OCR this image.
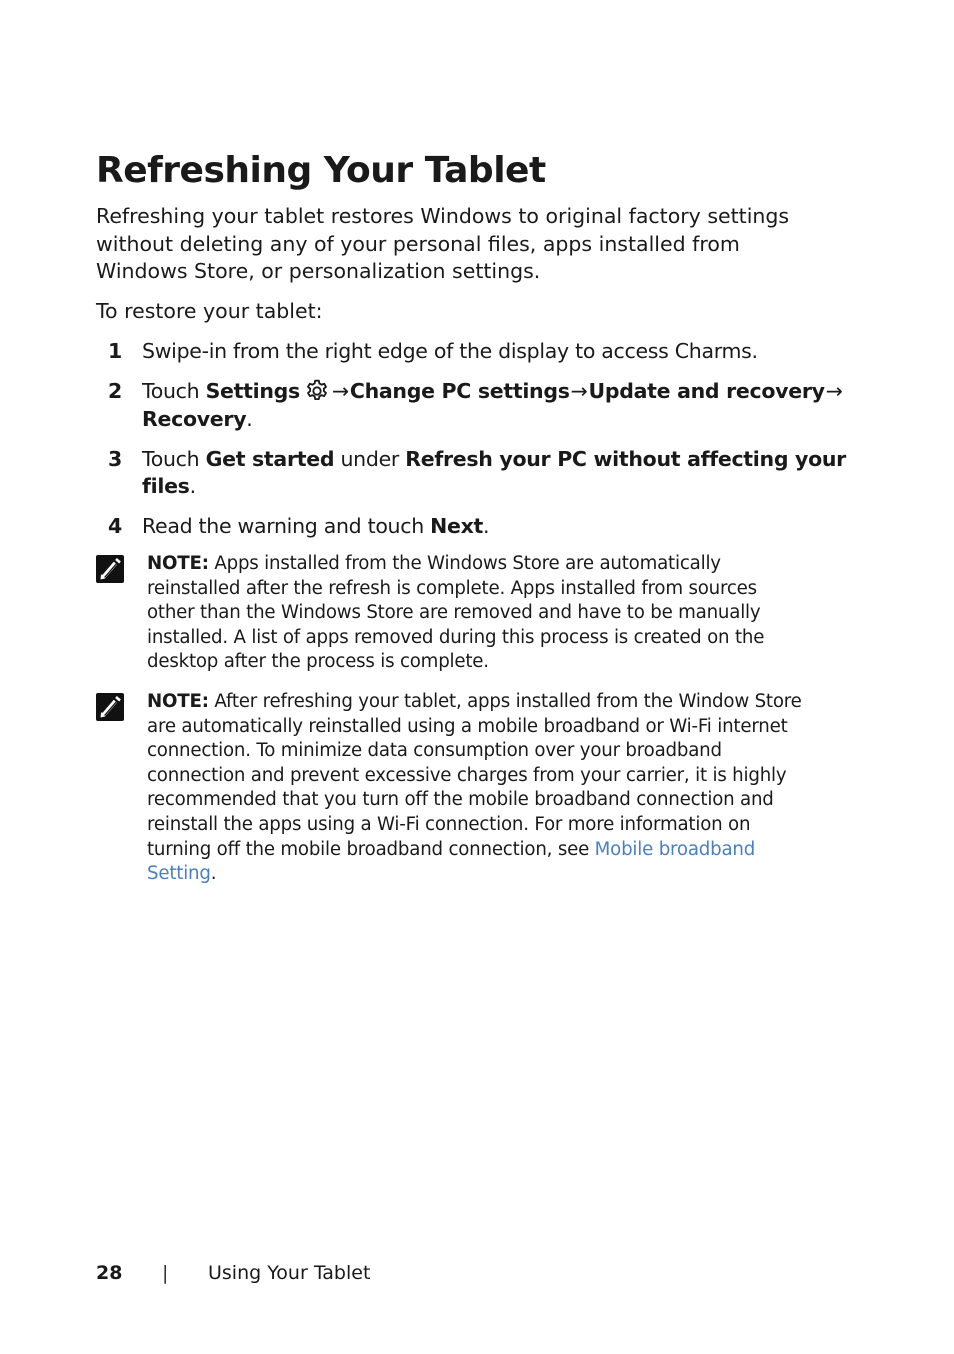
Refreshing Your Tablet

Refreshing your tablet restores Windows to original factory settings
without deleting any of your personal files, apps installed from
Windows Store, or personalization settings.

To restore your tablet:

1 Swipe-in from the right edge of the display to access Charms.
2 Touch Settings →Change PC settings→Update and recovery→
Recovery.
3 Touch Get started under Refresh your PC without affecting your
files.
4 Read the warning and touch Next.

NOTE: Apps installed from the Windows Store are automatically
reinstalled after the refresh is complete. Apps installed from sources
other than the Windows Store are removed and have to be manually
installed. A list of apps removed during this process is created on the
desktop after the process is complete.

NOTE: After refreshing your tablet, apps installed from the Window Store
are automatically reinstalled using a mobile broadband or Wi-Fi internet
connection. To minimize data consumption over your broadband
connection and prevent excessive charges from your carrier, it is highly
recommended that you turn off the mobile broadband connection and
reinstall the apps using a Wi-Fi connection. For more information on
turning off the mobile broadband connection, see Mobile broadband
Setting.

28 | Using Your Tablet
